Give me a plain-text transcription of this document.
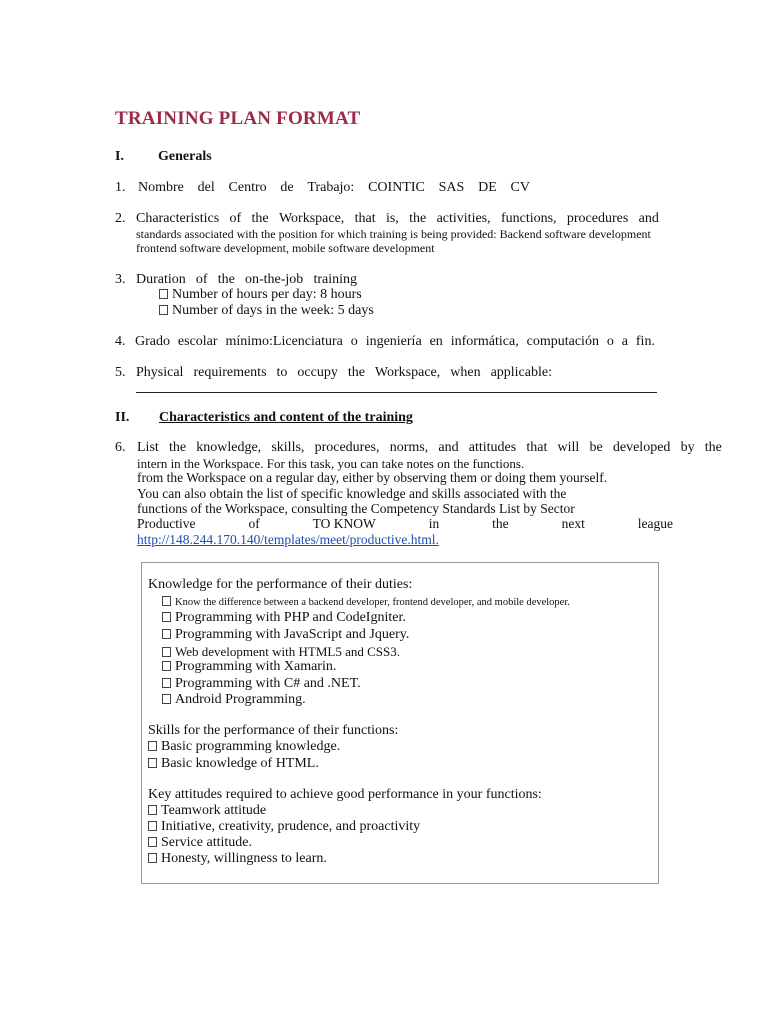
TRAINING PLAN FORMAT
I. Generals
1. Nombre del Centro de Trabajo: COINTIC SAS DE CV
2. Characteristics of the Workspace, that is, the activities, functions, procedures and
standards associated with the position for which training is being provided: Backend software development
frontend software development, mobile software development
3. Duration of the on-the-job training
Number of hours per day: 8 hours
Number of days in the week: 5 days
4. Grado escolar mínimo:Licenciatura o ingeniería en informática, computación o a fin.
5. Physical requirements to occupy the Workspace, when applicable:
II. Characteristics and content of the training
6. List the knowledge, skills, procedures, norms, and attitudes that will be developed by the
intern in the Workspace. For this task, you can take notes on the functions.
from the Workspace on a regular day, either by observing them or doing them yourself.
You can also obtain the list of specific knowledge and skills associated with the
functions of the Workspace, consulting the Competency Standards List by Sector
Productive	of	TO KNOW	in	the	next	league
http://148.244.170.140/templates/meet/productive.html.
Knowledge for the performance of their duties:
Know the difference between a backend developer, frontend developer, and mobile developer.
Programming with PHP and CodeIgniter.
Programming with JavaScript and Jquery.
Web development with HTML5 and CSS3.
Programming with Xamarin.
Programming with C# and .NET.
Android Programming.
Skills for the performance of their functions:
Basic programming knowledge.
Basic knowledge of HTML.
Key attitudes required to achieve good performance in your functions:
Teamwork attitude
Initiative, creativity, prudence, and proactivity
Service attitude.
Honesty, willingness to learn.
